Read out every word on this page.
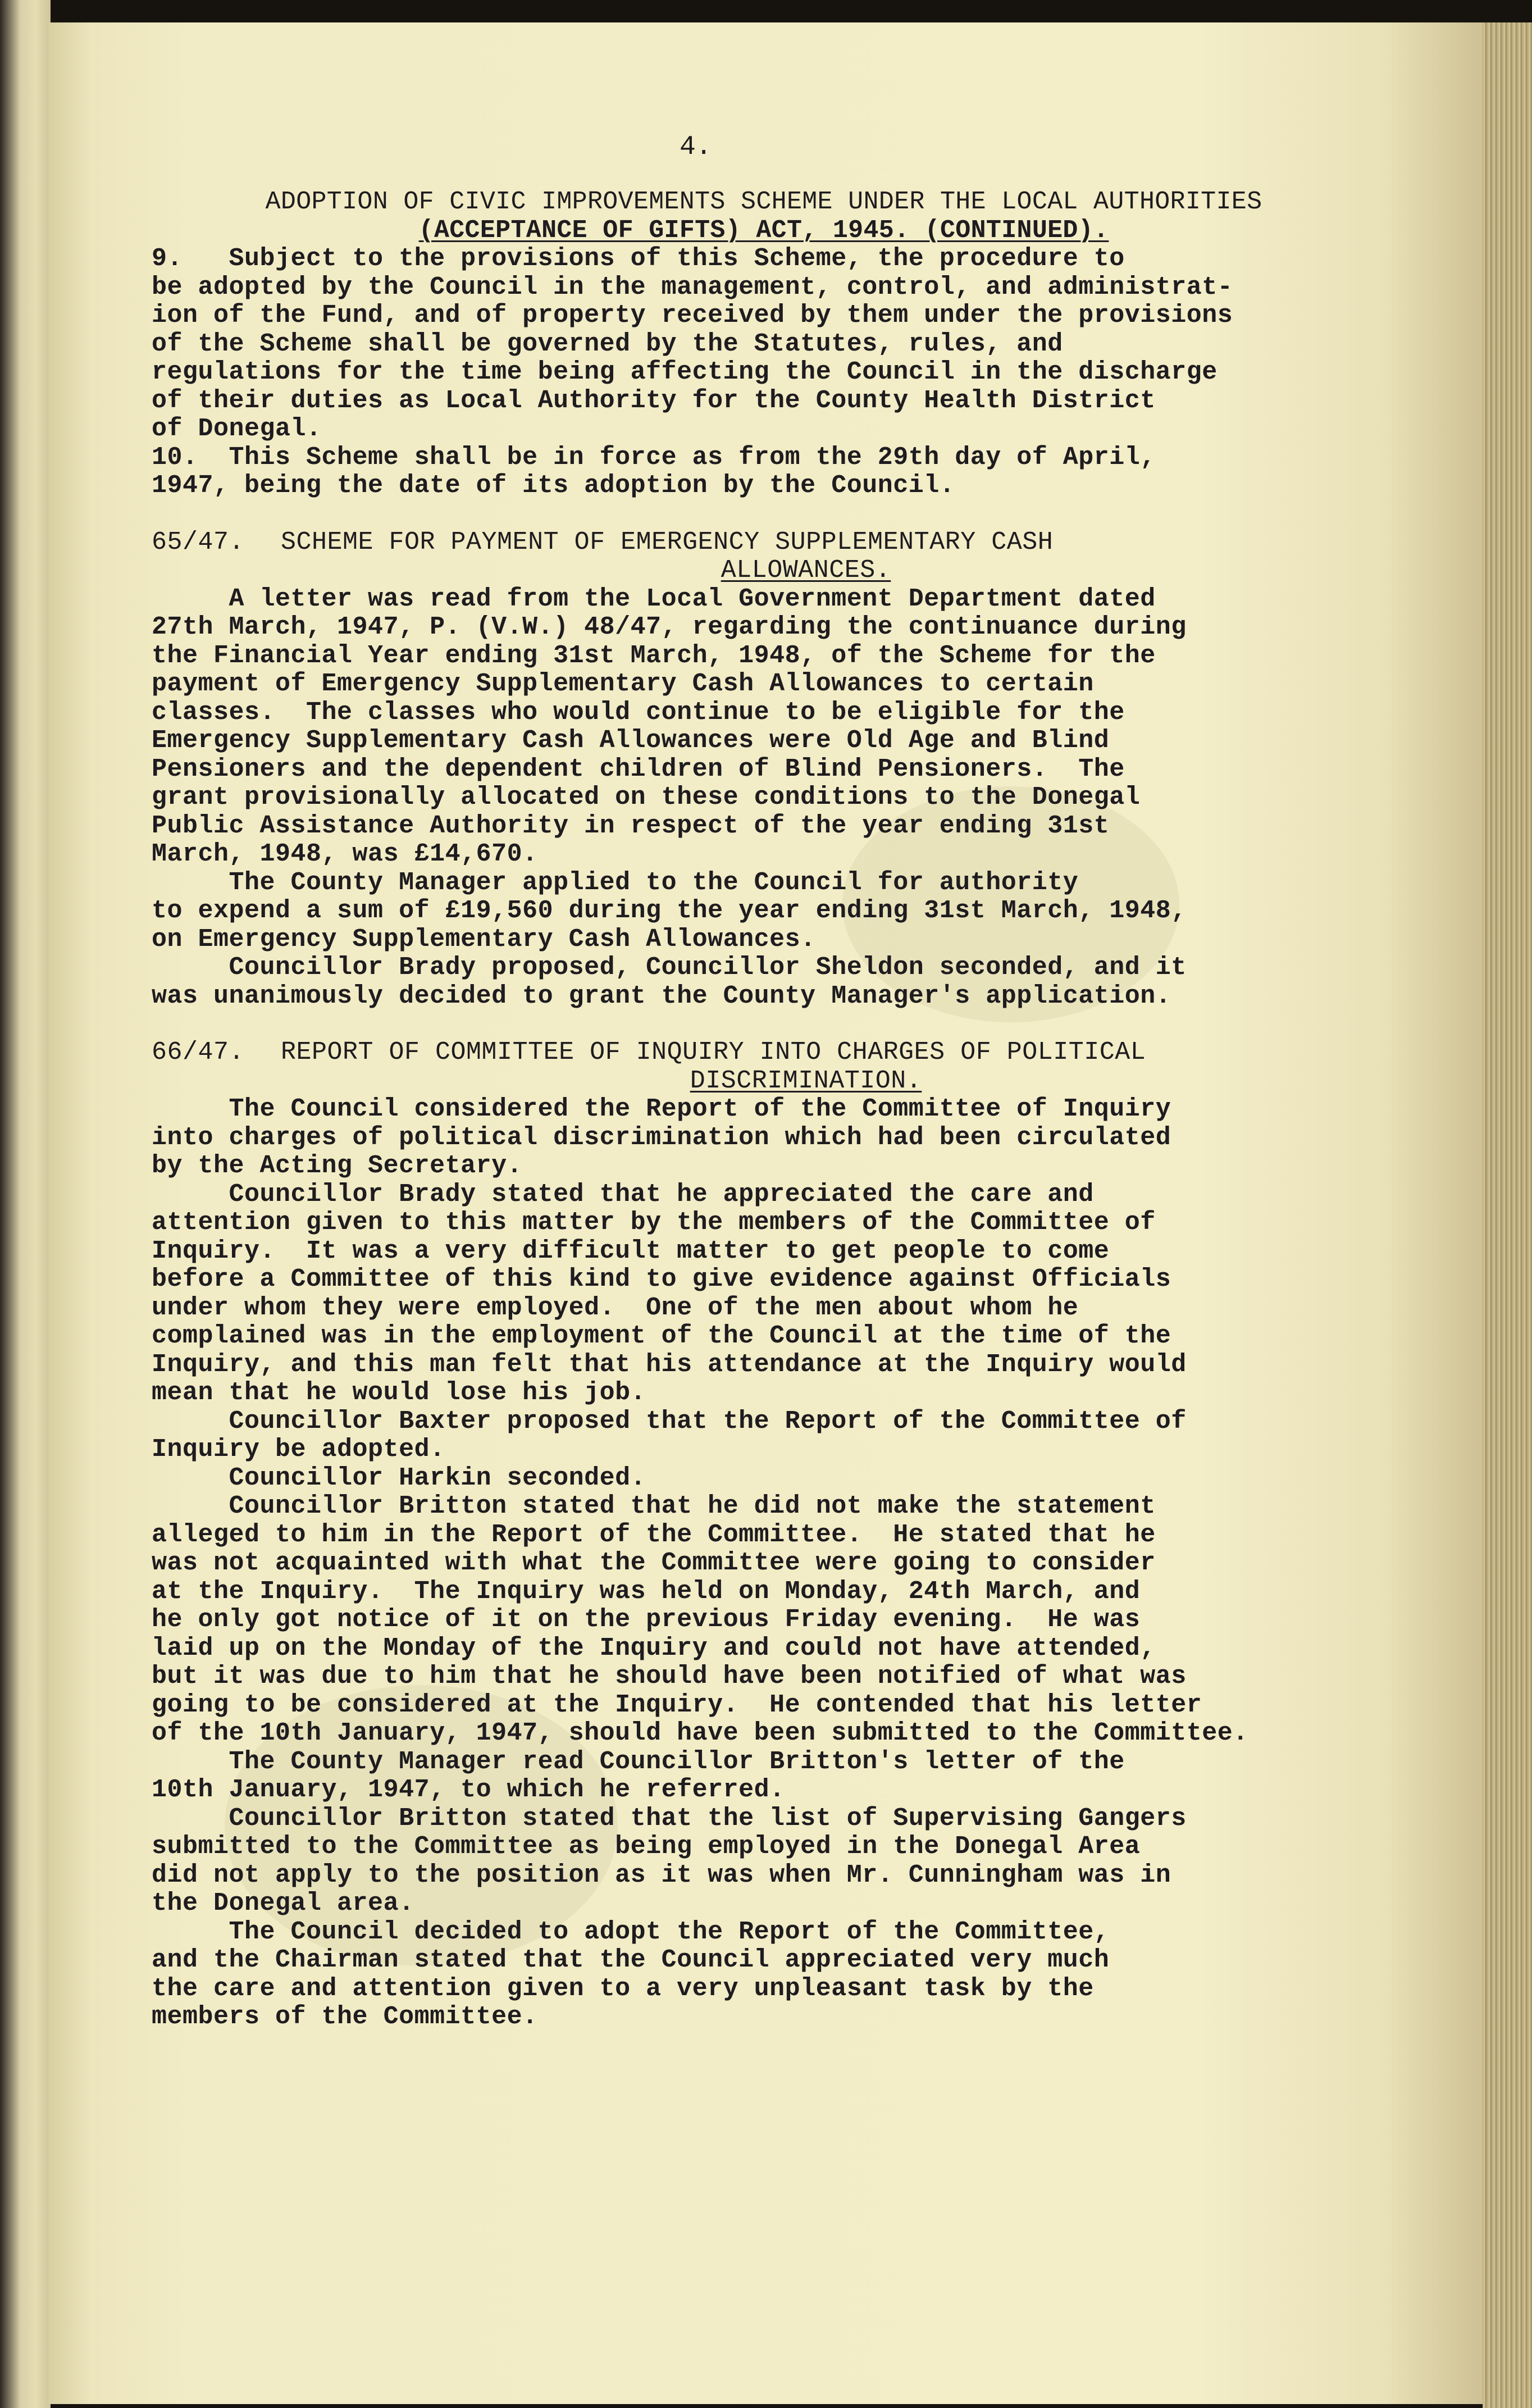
4.
ADOPTION OF CIVIC IMPROVEMENTS SCHEME UNDER THE LOCAL AUTHORITIES
(ACCEPTANCE OF GIFTS) ACT, 1945. (CONTINUED).
9.   Subject to the provisions of this Scheme, the procedure to
be adopted by the Council in the management, control, and administrat-
ion of the Fund, and of property received by them under the provisions
of the Scheme shall be governed by the Statutes, rules, and
regulations for the time being affecting the Council in the discharge
of their duties as Local Authority for the County Health District
of Donegal.
10.  This Scheme shall be in force as from the 29th day of April,
1947, being the date of its adoption by the Council.
65/47. SCHEME FOR PAYMENT OF EMERGENCY SUPPLEMENTARY CASH
ALLOWANCES.
A letter was read from the Local Government Department dated
27th March, 1947, P. (V.W.) 48/47, regarding the continuance during
the Financial Year ending 31st March, 1948, of the Scheme for the
payment of Emergency Supplementary Cash Allowances to certain
classes.  The classes who would continue to be eligible for the
Emergency Supplementary Cash Allowances were Old Age and Blind
Pensioners and the dependent children of Blind Pensioners.  The
grant provisionally allocated on these conditions to the Donegal
Public Assistance Authority in respect of the year ending 31st
March, 1948, was £14,670.
The County Manager applied to the Council for authority
to expend a sum of £19,560 during the year ending 31st March, 1948,
on Emergency Supplementary Cash Allowances.
Councillor Brady proposed, Councillor Sheldon seconded, and it
was unanimously decided to grant the County Manager's application.
66/47. REPORT OF COMMITTEE OF INQUIRY INTO CHARGES OF POLITICAL
DISCRIMINATION.
The Council considered the Report of the Committee of Inquiry
into charges of political discrimination which had been circulated
by the Acting Secretary.
Councillor Brady stated that he appreciated the care and
attention given to this matter by the members of the Committee of
Inquiry.  It was a very difficult matter to get people to come
before a Committee of this kind to give evidence against Officials
under whom they were employed.  One of the men about whom he
complained was in the employment of the Council at the time of the
Inquiry, and this man felt that his attendance at the Inquiry would
mean that he would lose his job.
Councillor Baxter proposed that the Report of the Committee of
Inquiry be adopted.
Councillor Harkin seconded.
Councillor Britton stated that he did not make the statement
alleged to him in the Report of the Committee.  He stated that he
was not acquainted with what the Committee were going to consider
at the Inquiry.  The Inquiry was held on Monday, 24th March, and
he only got notice of it on the previous Friday evening.  He was
laid up on the Monday of the Inquiry and could not have attended,
but it was due to him that he should have been notified of what was
going to be considered at the Inquiry.  He contended that his letter
of the 10th January, 1947, should have been submitted to the Committee.
The County Manager read Councillor Britton's letter of the
10th January, 1947, to which he referred.
Councillor Britton stated that the list of Supervising Gangers
submitted to the Committee as being employed in the Donegal Area
did not apply to the position as it was when Mr. Cunningham was in
the Donegal area.
The Council decided to adopt the Report of the Committee,
and the Chairman stated that the Council appreciated very much
the care and attention given to a very unpleasant task by the
members of the Committee.
